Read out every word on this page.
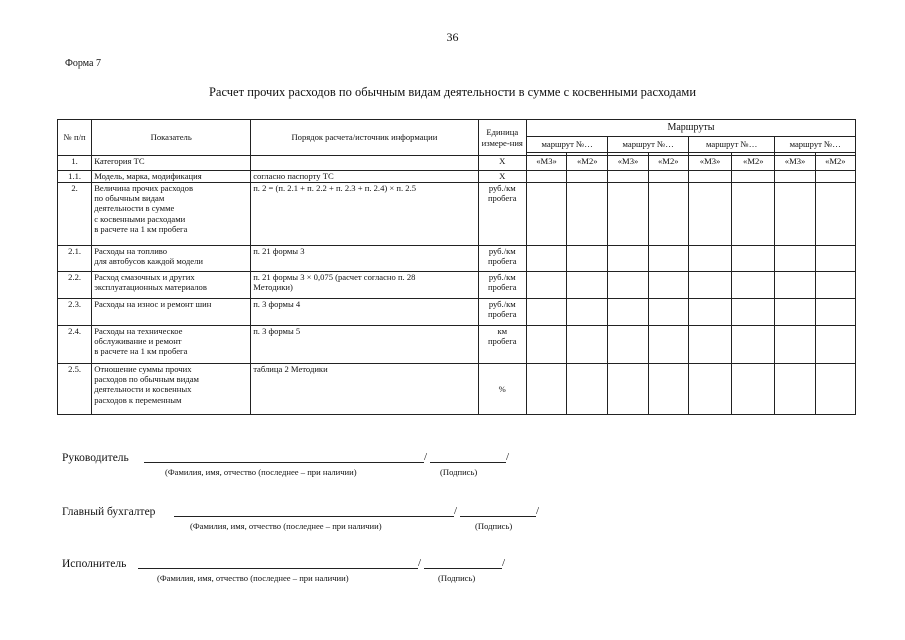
36
Форма 7
Расчет прочих расходов по обычным видам деятельности в сумме с косвенными расходами
№ п/п	Показатель	Порядок расчета/источник информации	Единица измере-ния	Маршруты							
				маршрут №…		маршрут №…		маршрут №…		маршрут №…	

1.	Категория ТС		X	«М3»	«М2»	«М3»	«М2»	«М3»	«М2»	«М3»	«М2»
1.1.	Модель, марка, модификация	согласно паспорту ТС	X								
2.	Величина прочих расходов
по обычным видам
деятельности в сумме
с косвенными расходами
в расчете на 1 км пробега	п. 2 = (п. 2.1 + п. 2.2 + п. 2.3 + п. 2.4) × п. 2.5	руб./км
пробега								
2.1.	Расходы на топливо
для автобусов каждой модели	п. 21 формы 3	руб./км
пробега								
2.2.	Расход смазочных и других
эксплуатационных материалов	п. 21 формы 3 × 0,075 (расчет согласно п. 28
Методики)	руб./км
пробега								
2.3.	Расходы на износ и ремонт шин	п. 3 формы 4	руб./км
пробега								
2.4.	Расходы на техническое
обслуживание и ремонт
в расчете на 1 км пробега	п. 3 формы 5	км
пробега								
2.5.	Отношение суммы прочих
расходов по обычным видам
деятельности и косвенных
расходов к переменным	таблица 2 Методики	%								
Руководитель	/	/
(Фамилия, имя, отчество (последнее – при наличии)	(Подпись)
Главный бухгалтер	/	/
(Фамилия, имя, отчество (последнее – при наличии)	(Подпись)
Исполнитель	/	/
(Фамилия, имя, отчество (последнее – при наличии)	(Подпись)
